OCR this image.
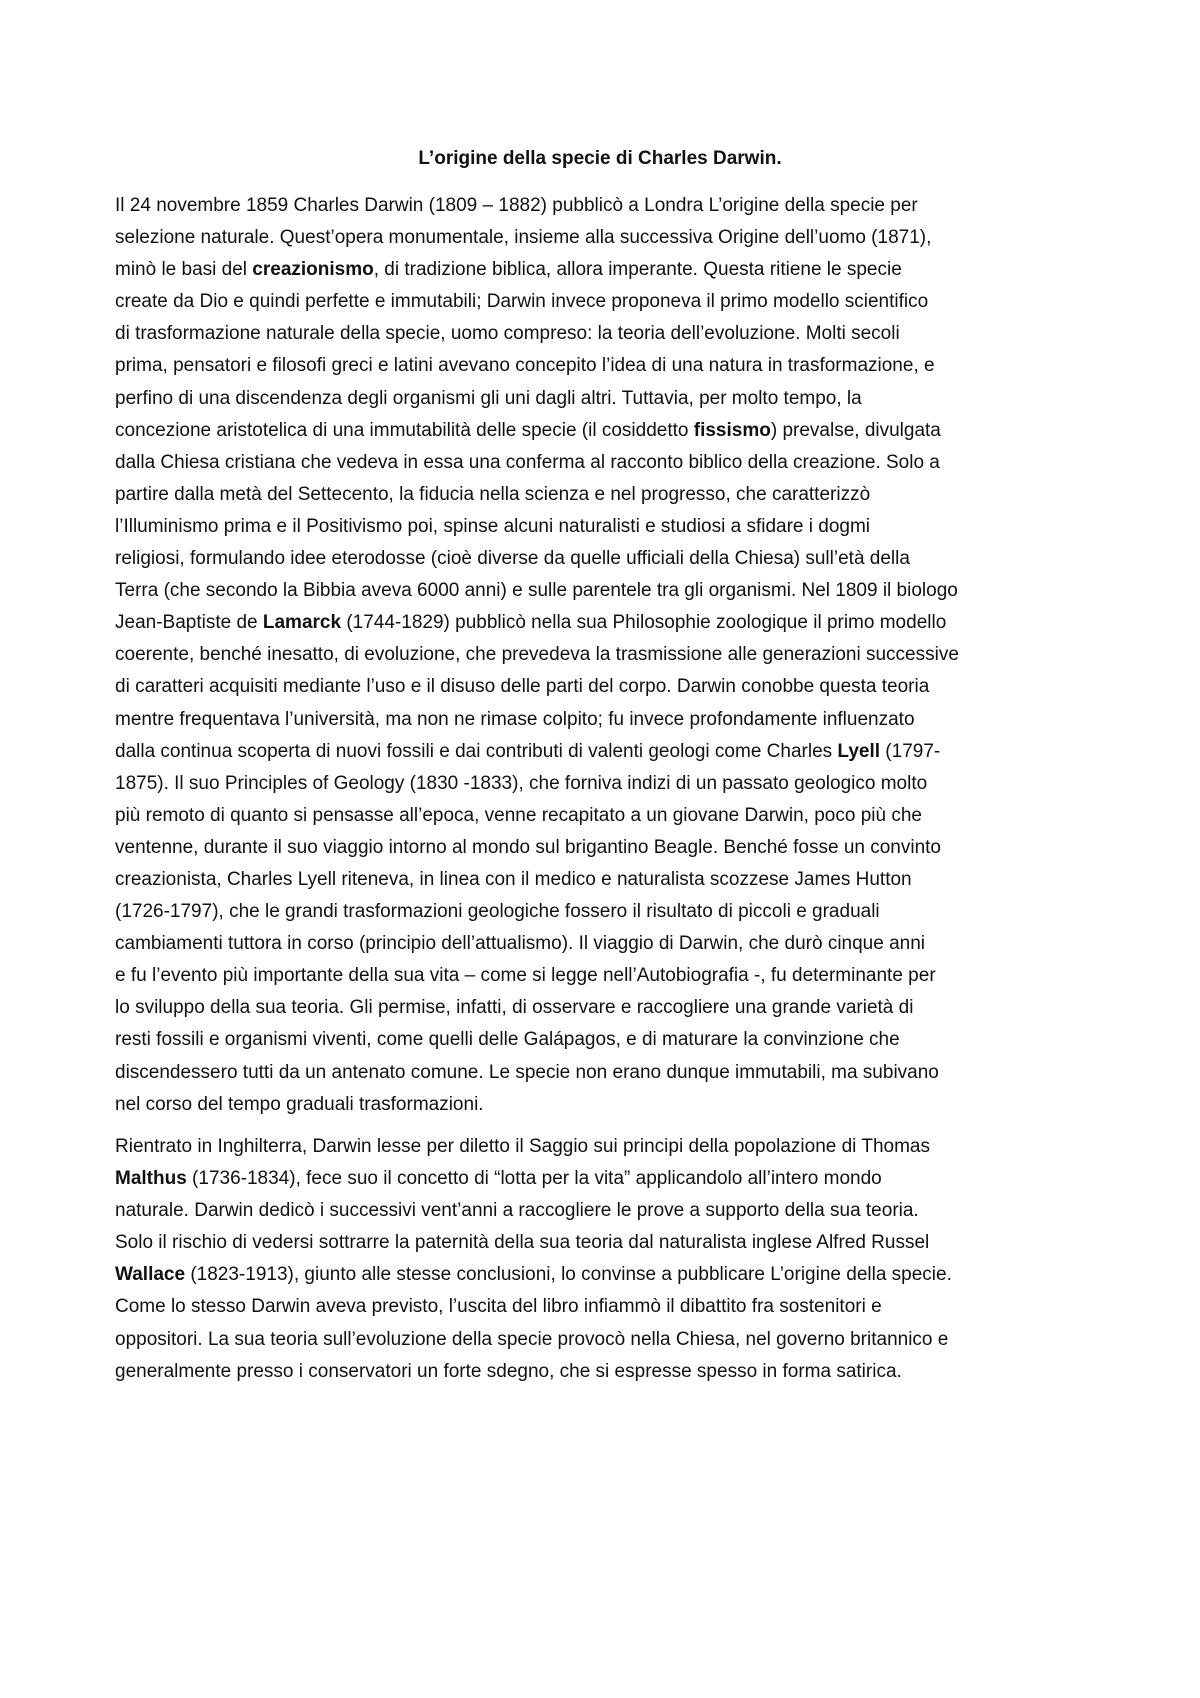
L’origine della specie di Charles Darwin.

Il 24 novembre 1859 Charles Darwin (1809 – 1882) pubblicò a Londra L’origine della specie per
selezione naturale. Quest’opera monumentale, insieme alla successiva Origine dell’uomo (1871),
minò le basi del creazionismo, di tradizione biblica, allora imperante. Questa ritiene le specie
create da Dio e quindi perfette e immutabili; Darwin invece proponeva il primo modello scientifico
di trasformazione naturale della specie, uomo compreso: la teoria dell’evoluzione. Molti secoli
prima, pensatori e filosofi greci e latini avevano concepito l’idea di una natura in trasformazione, e
perfino di una discendenza degli organismi gli uni dagli altri. Tuttavia, per molto tempo, la
concezione aristotelica di una immutabilità delle specie (il cosiddetto fissismo) prevalse, divulgata
dalla Chiesa cristiana che vedeva in essa una conferma al racconto biblico della creazione. Solo a
partire dalla metà del Settecento, la fiducia nella scienza e nel progresso, che caratterizzò
l’Illuminismo prima e il Positivismo poi, spinse alcuni naturalisti e studiosi a sfidare i dogmi
religiosi, formulando idee eterodosse (cioè diverse da quelle ufficiali della Chiesa) sull’età della
Terra (che secondo la Bibbia aveva 6000 anni) e sulle parentele tra gli organismi. Nel 1809 il biologo
Jean-Baptiste de Lamarck (1744-1829) pubblicò nella sua Philosophie zoologique il primo modello
coerente, benché inesatto, di evoluzione, che prevedeva la trasmissione alle generazioni successive
di caratteri acquisiti mediante l’uso e il disuso delle parti del corpo. Darwin conobbe questa teoria
mentre frequentava l’università, ma non ne rimase colpito; fu invece profondamente influenzato
dalla continua scoperta di nuovi fossili e dai contributi di valenti geologi come Charles Lyell (1797-
1875). Il suo Principles of Geology (1830 -1833), che forniva indizi di un passato geologico molto
più remoto di quanto si pensasse all’epoca, venne recapitato a un giovane Darwin, poco più che
ventenne, durante il suo viaggio intorno al mondo sul brigantino Beagle. Benché fosse un convinto
creazionista, Charles Lyell riteneva, in linea con il medico e naturalista scozzese James Hutton
(1726-1797), che le grandi trasformazioni geologiche fossero il risultato di piccoli e graduali
cambiamenti tuttora in corso (principio dell’attualismo). Il viaggio di Darwin, che durò cinque anni
e fu l’evento più importante della sua vita – come si legge nell’Autobiografia -, fu determinante per
lo sviluppo della sua teoria. Gli permise, infatti, di osservare e raccogliere una grande varietà di
resti fossili e organismi viventi, come quelli delle Galápagos, e di maturare la convinzione che
discendessero tutti da un antenato comune. Le specie non erano dunque immutabili, ma subivano
nel corso del tempo graduali trasformazioni.

Rientrato in Inghilterra, Darwin lesse per diletto il Saggio sui principi della popolazione di Thomas
Malthus (1736-1834), fece suo il concetto di “lotta per la vita” applicandolo all’intero mondo
naturale. Darwin dedicò i successivi vent’anni a raccogliere le prove a supporto della sua teoria.
Solo il rischio di vedersi sottrarre la paternità della sua teoria dal naturalista inglese Alfred Russel
Wallace (1823-1913), giunto alle stesse conclusioni, lo convinse a pubblicare L’origine della specie.
Come lo stesso Darwin aveva previsto, l’uscita del libro infiammò il dibattito fra sostenitori e
oppositori. La sua teoria sull’evoluzione della specie provocò nella Chiesa, nel governo britannico e
generalmente presso i conservatori un forte sdegno, che si espresse spesso in forma satirica.
